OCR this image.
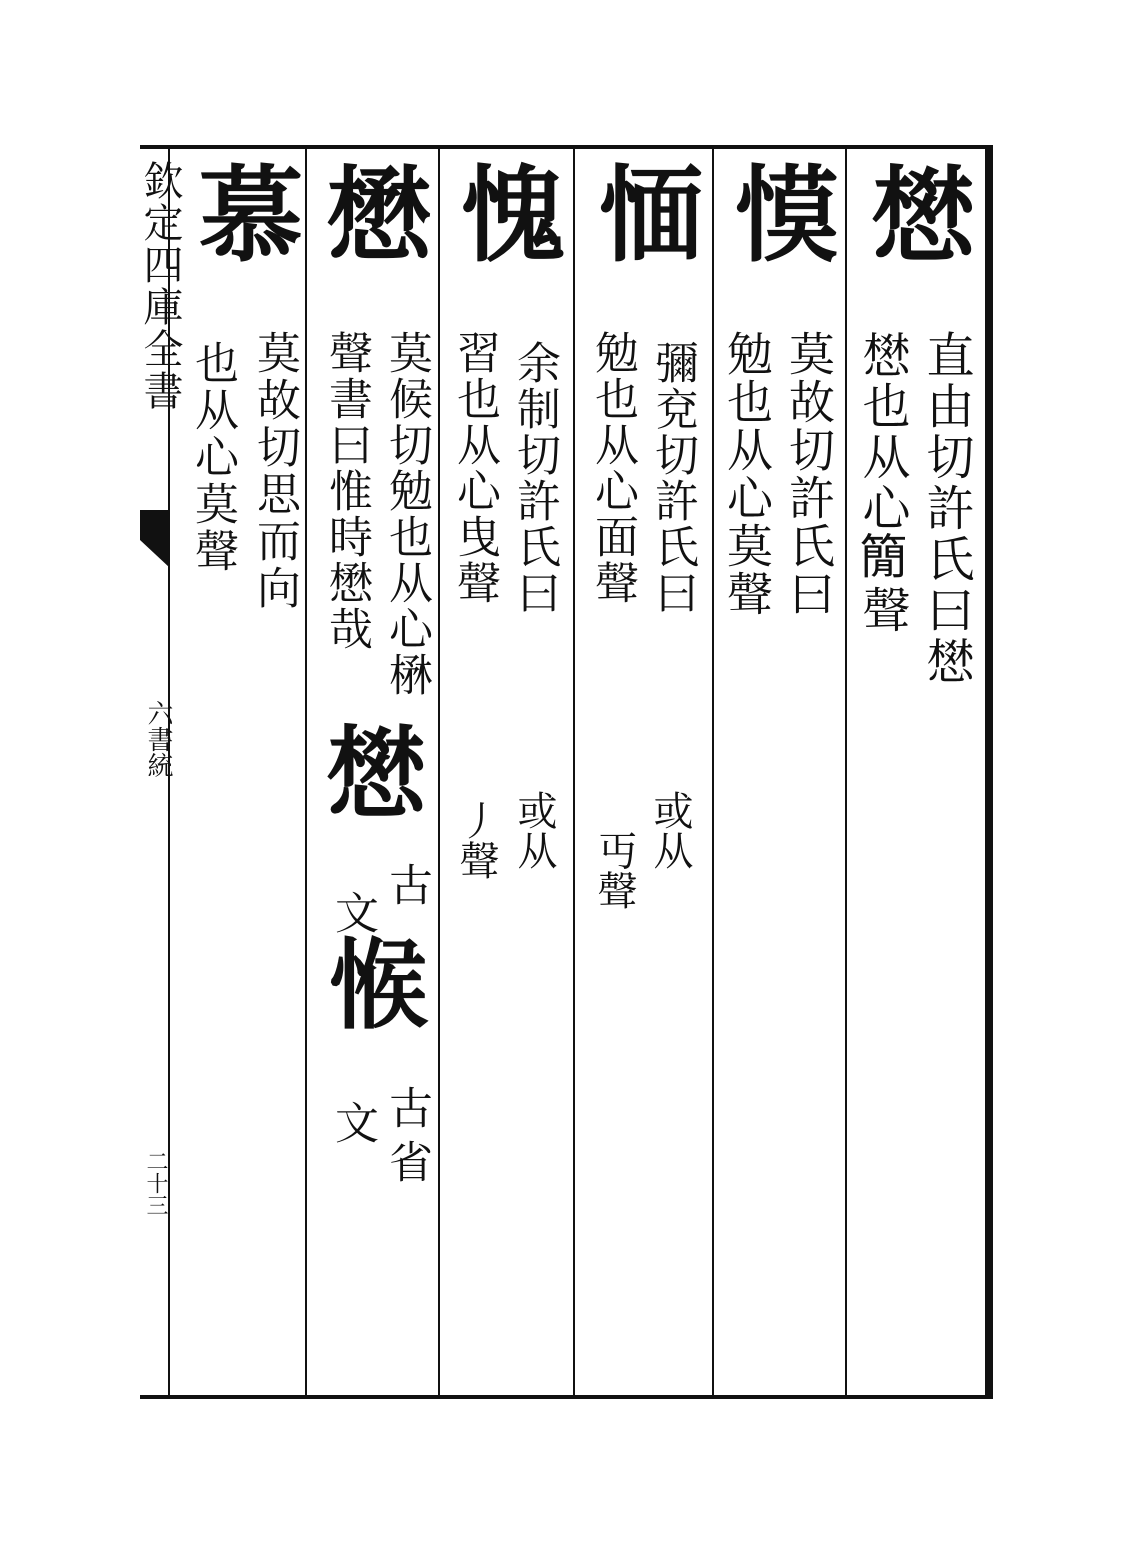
欽定四庫全書
六書統
二十三
𢡟
直由切許氏曰𢡟
𢡟也从心𥳑聲
慔
莫故切許氏曰
勉也从心莫聲
愐
彌兗切許氏曰
勉也从心面聲
或从
丏聲
愧
余制切許氏曰
習也从心曳聲
或从
丿聲
懋
莫候切勉也从心楙
聲書曰惟時懋哉
𢡟
古
文
𢜵
古省
文
慕
莫故切思而向
也从心莫聲
